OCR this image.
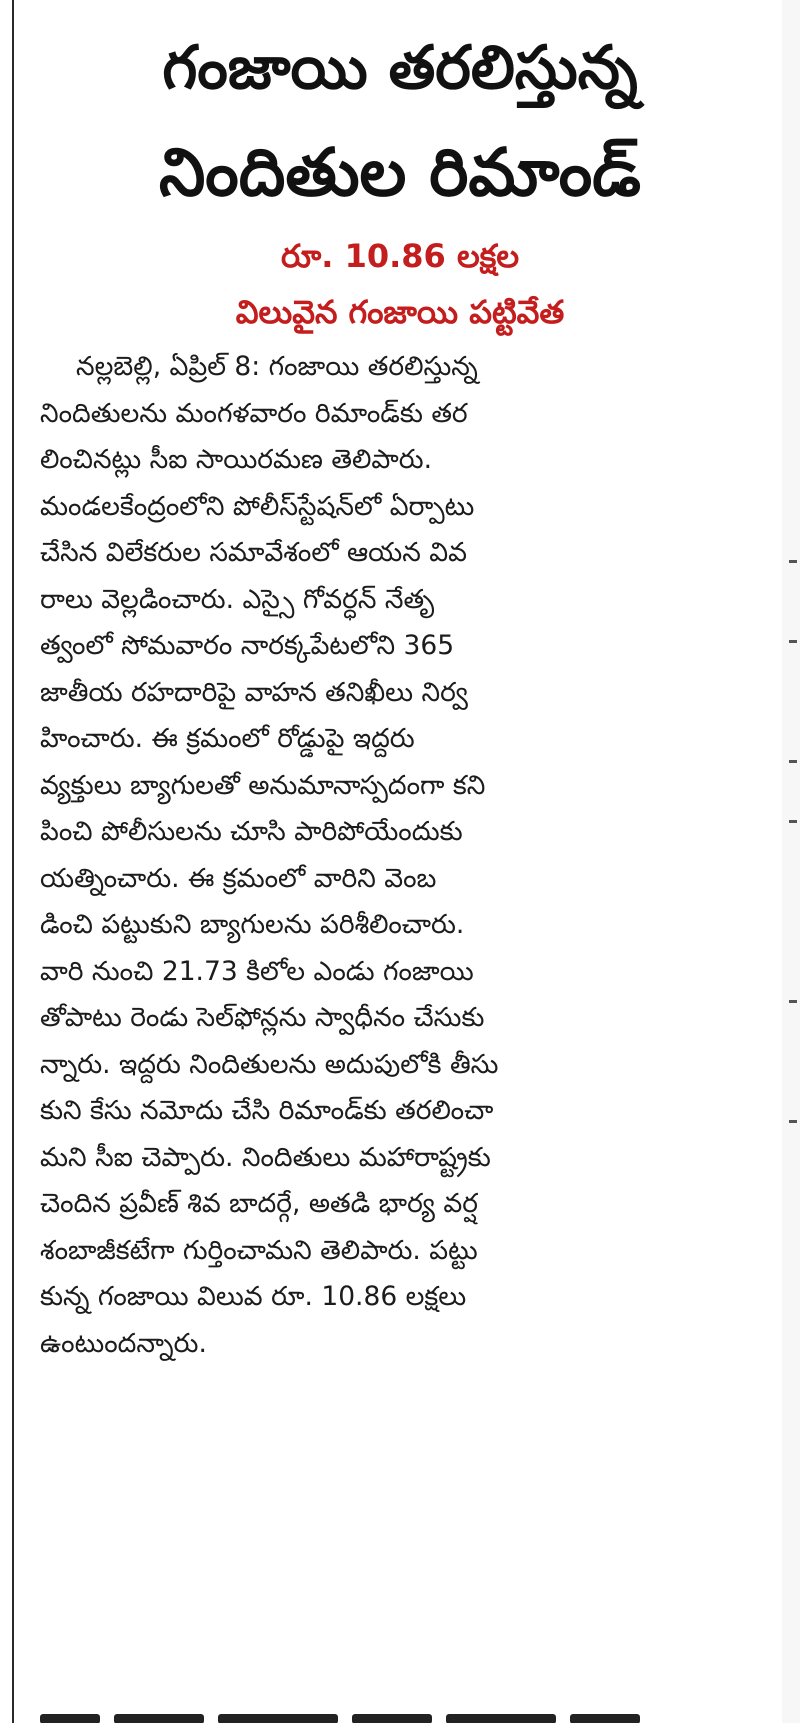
గంజాయి తరలిస్తున్న
నిందితుల రిమాండ్
రూ. 10.86 లక్షల
విలువైన గంజాయి పట్టివేత
నల్లబెల్లి, ఏప్రిల్ 8: గంజాయి తరలిస్తున్న
నిందితులను మంగళవారం రిమాండ్‌కు తర
లించినట్లు సీఐ సాయిరమణ తెలిపారు.
మండలకేంద్రంలోని పోలీస్‌స్టేషన్‌లో ఏర్పాటు
చేసిన విలేకరుల సమావేశంలో ఆయన వివ
రాలు వెల్లడించారు. ఎస్సై గోవర్ధన్ నేతృ
త్వంలో సోమవారం నారక్కపేటలోని 365
జాతీయ రహదారిపై వాహన తనిఖీలు నిర్వ
హించారు. ఈ క్రమంలో రోడ్డుపై ఇద్దరు
వ్యక్తులు బ్యాగులతో అనుమానాస్పదంగా కని
పించి పోలీసులను చూసి పారిపోయేందుకు
యత్నించారు. ఈ క్రమంలో వారిని వెంబ
డించి పట్టుకుని బ్యాగులను పరిశీలించారు.
వారి నుంచి 21.73 కిలోల ఎండు గంజాయి
తోపాటు రెండు సెల్‌ఫోన్లను స్వాధీనం చేసుకు
న్నారు. ఇద్దరు నిందితులను అదుపులోకి తీసు
కుని కేసు నమోదు చేసి రిమాండ్‌కు తరలించా
మని సీఐ చెప్పారు. నిందితులు మహారాష్ట్రకు
చెందిన ప్రవీణ్ శివ బాదర్గే, అతడి భార్య వర్ష
శంబాజీకటేగా గుర్తించామని తెలిపారు. పట్టు
కున్న గంజాయి విలువ రూ. 10.86 లక్షలు
ఉంటుందన్నారు.
